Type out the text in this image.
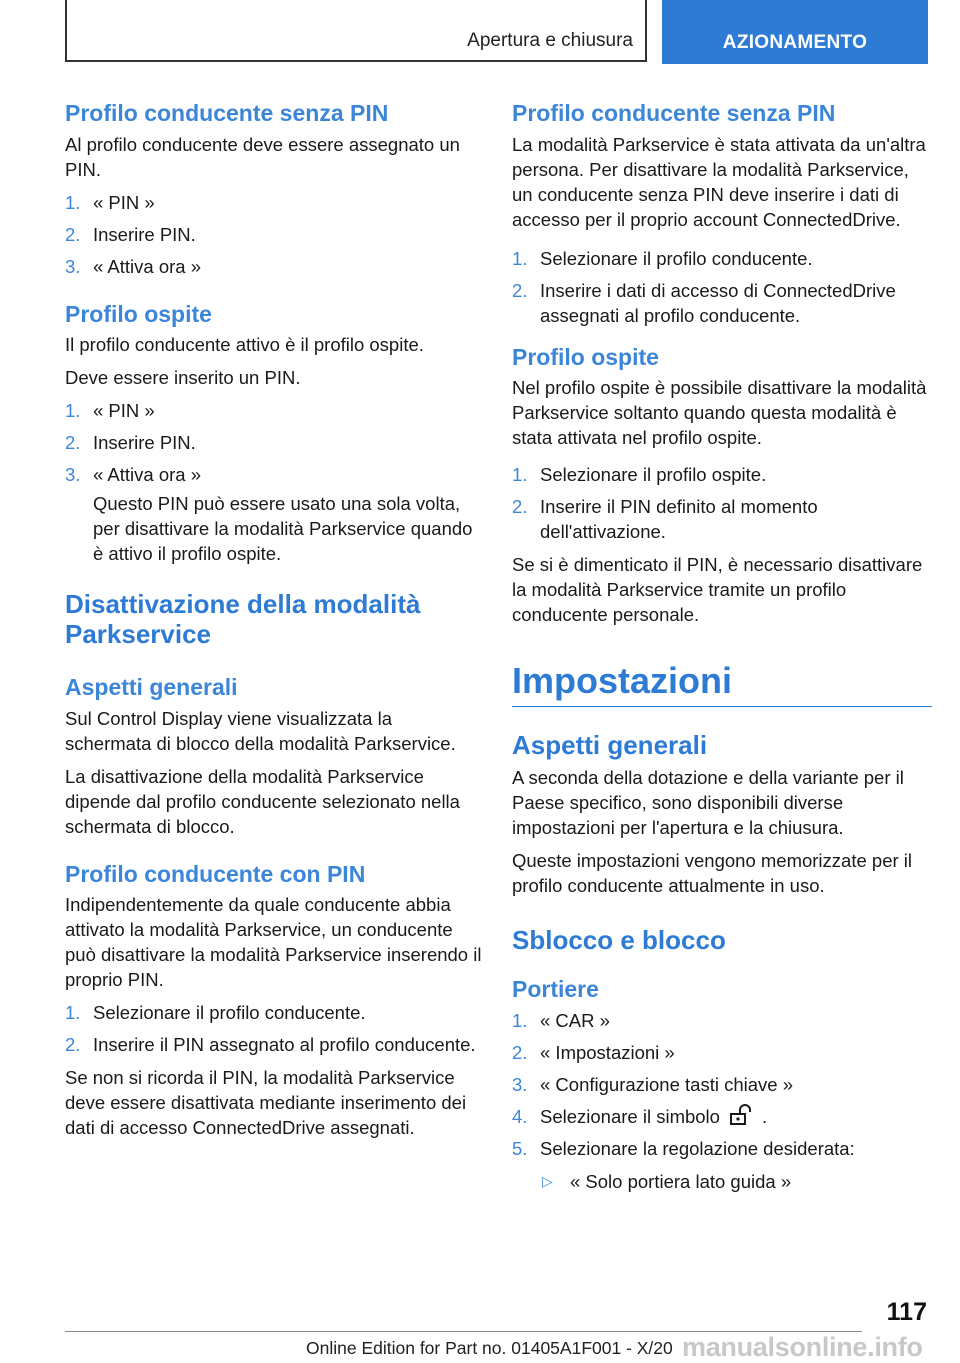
Apertura e chiusura	AZIONAMENTO
Profilo conducente senza PIN

Al profilo conducente deve essere assegnato un PIN.

1. « PIN »
2. Inserire PIN.
3. « Attiva ora »
Profilo ospite

Il profilo conducente attivo è il profilo ospite.

Deve essere inserito un PIN.

1. « PIN »
2. Inserire PIN.
3. « Attiva ora »
Questo PIN può essere usato una sola volta, per disattivare la modalità Parkservice quando è attivo il profilo ospite.
Disattivazione della modalità Parkservice
Aspetti generali

Sul Control Display viene visualizzata la schermata di blocco della modalità Parkservice.

La disattivazione della modalità Parkservice dipende dal profilo conducente selezionato nella schermata di blocco.

Profilo conducente con PIN

Indipendentemente da quale conducente abbia attivato la modalità Parkservice, un conducente può disattivare la modalità Parkservice inserendo il proprio PIN.

1. Selezionare il profilo conducente.
2. Inserire il PIN assegnato al profilo conducente.

Se non si ricorda il PIN, la modalità Parkservice deve essere disattivata mediante inserimento dei dati di accesso ConnectedDrive assegnati.

Profilo conducente senza PIN

La modalità Parkservice è stata attivata da un'altra persona. Per disattivare la modalità Parkservice, un conducente senza PIN deve inserire i dati di accesso per il proprio account ConnectedDrive.

1. Selezionare il profilo conducente.
2. Inserire i dati di accesso di ConnectedDrive assegnati al profilo conducente.
Profilo ospite

Nel profilo ospite è possibile disattivare la modalità Parkservice soltanto quando questa modalità è stata attivata nel profilo ospite.

1. Selezionare il profilo ospite.
2. Inserire il PIN definito al momento dell'attivazione.

Se si è dimenticato il PIN, è necessario disattivare la modalità Parkservice tramite un profilo conducente personale.

Impostazioni
Aspetti generali

A seconda della dotazione e della variante per il Paese specifico, sono disponibili diverse impostazioni per l'apertura e la chiusura.

Queste impostazioni vengono memorizzate per il profilo conducente attualmente in uso.

Sblocco e blocco
Portiere
1. « CAR »
2. « Impostazioni »
3. « Configurazione tasti chiave »
4. Selezionare il simbolo .
5. Selezionare la regolazione desiderata:
▷ « Solo portiera lato guida »
117
Online Edition for Part no. 01405A1F001 - X/20 manualsonline.info
